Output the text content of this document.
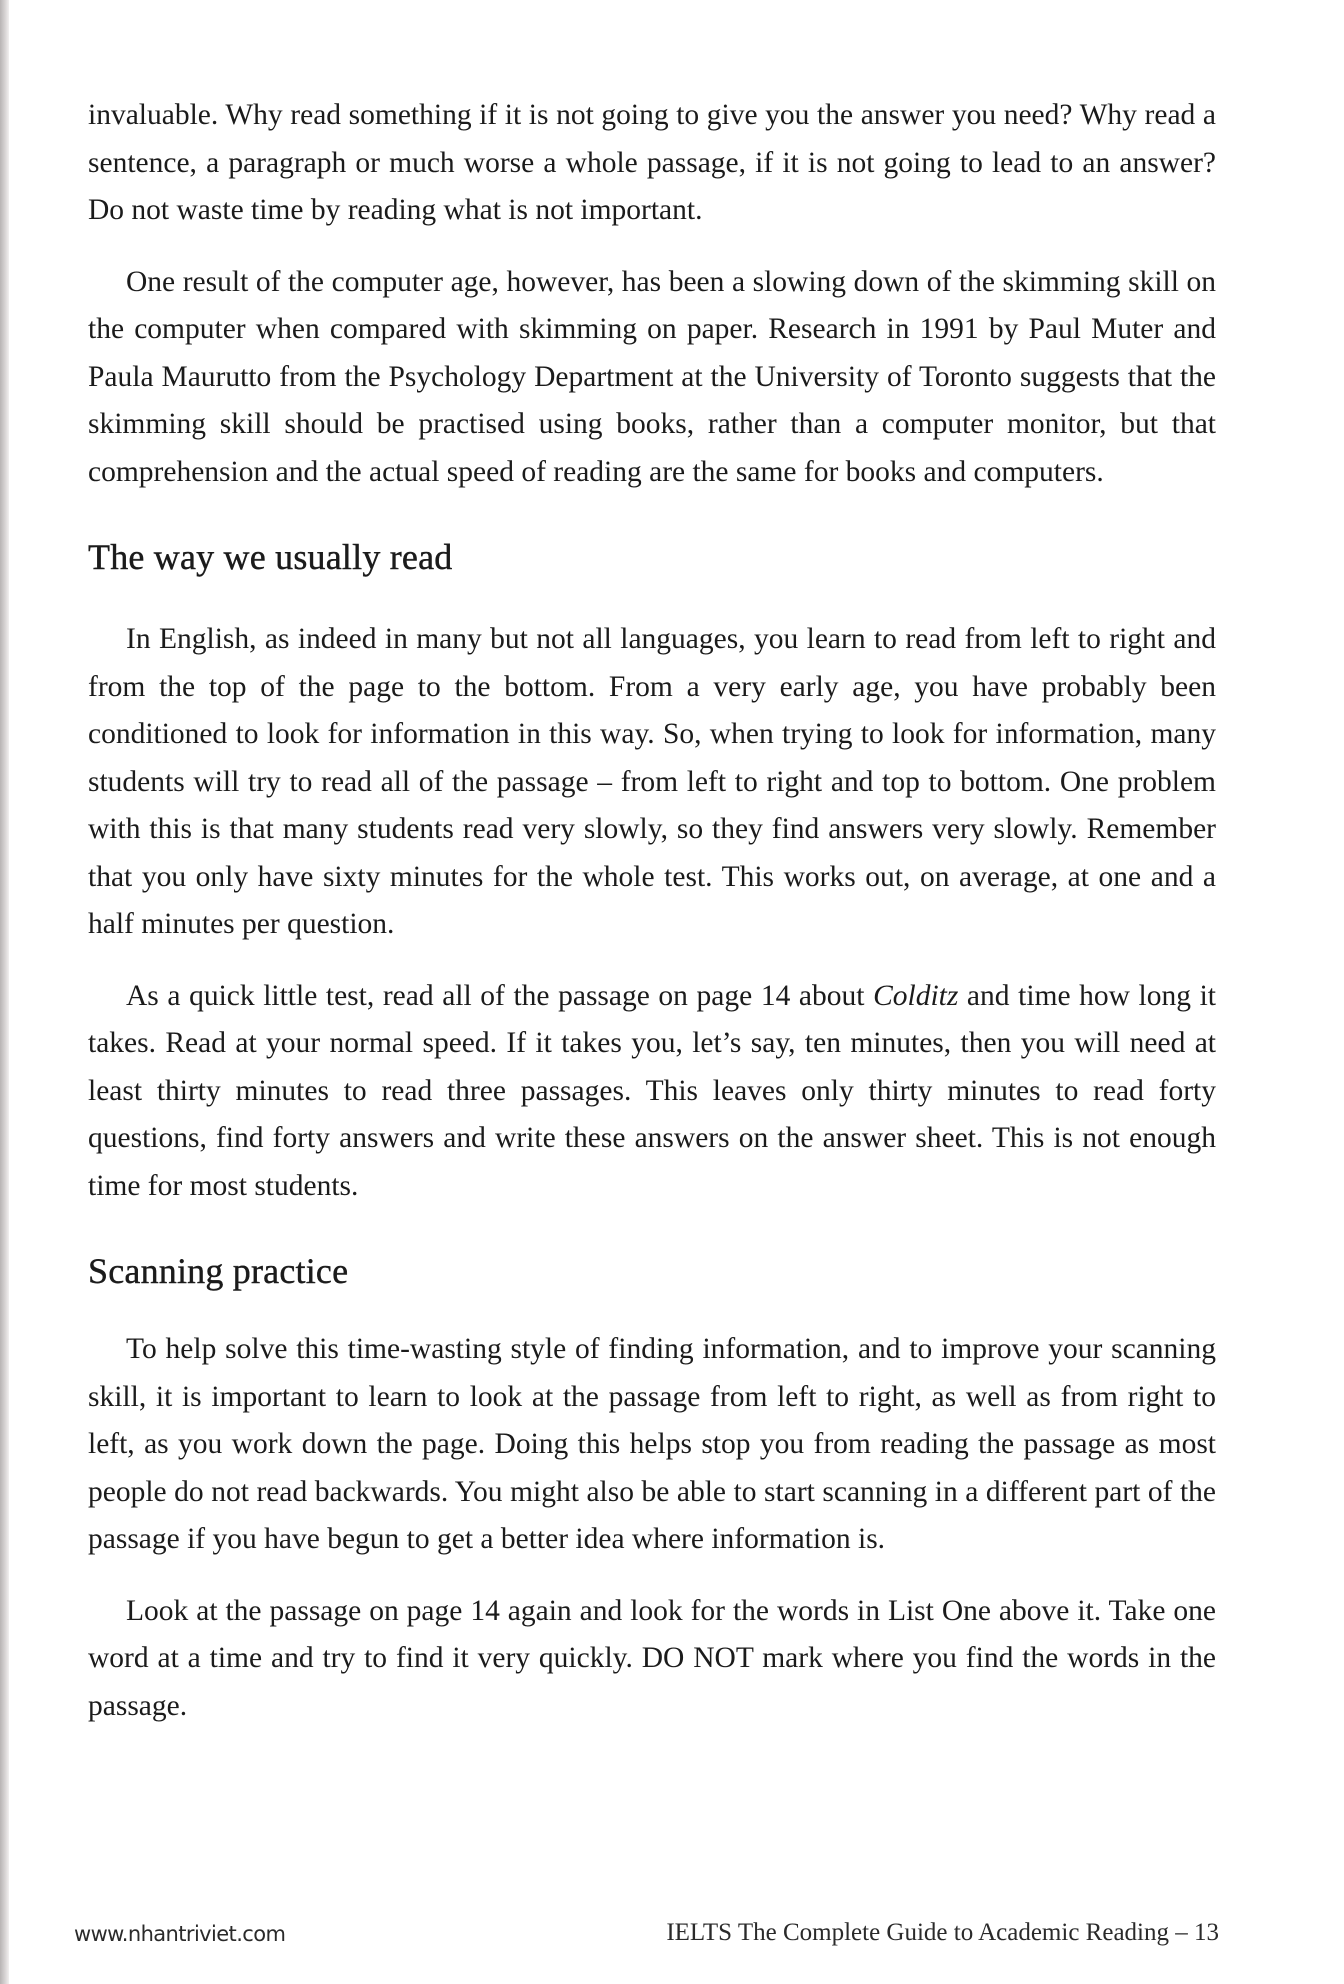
invaluable. Why read something if it is not going to give you the answer you need? Why read a sentence, a paragraph or much worse a whole passage, if it is not going to lead to an answer? Do not waste time by reading what is not important.

One result of the computer age, however, has been a slowing down of the skimming skill on the computer when compared with skimming on paper. Research in 1991 by Paul Muter and Paula Maurutto from the Psychology Department at the University of Toronto suggests that the skimming skill should be practised using books, rather than a computer monitor, but that comprehension and the actual speed of reading are the same for books and computers.

The way we usually read

In English, as indeed in many but not all languages, you learn to read from left to right and from the top of the page to the bottom. From a very early age, you have probably been conditioned to look for information in this way. So, when trying to look for information, many students will try to read all of the passage – from left to right and top to bottom. One problem with this is that many students read very slowly, so they find answers very slowly. Remember that you only have sixty minutes for the whole test. This works out, on average, at one and a half minutes per question.

As a quick little test, read all of the passage on page 14 about Colditz and time how long it takes. Read at your normal speed. If it takes you, let’s say, ten minutes, then you will need at least thirty minutes to read three passages. This leaves only thirty minutes to read forty questions, find forty answers and write these answers on the answer sheet. This is not enough time for most students.

Scanning practice

To help solve this time-wasting style of finding information, and to improve your scanning skill, it is important to learn to look at the passage from left to right, as well as from right to left, as you work down the page. Doing this helps stop you from reading the passage as most people do not read backwards. You might also be able to start scanning in a different part of the passage if you have begun to get a better idea where information is.

Look at the passage on page 14 again and look for the words in List One above it. Take one word at a time and try to find it very quickly. DO NOT mark where you find the words in the passage.

www.nhantriviet.com	IELTS The Complete Guide to Academic Reading – 13
